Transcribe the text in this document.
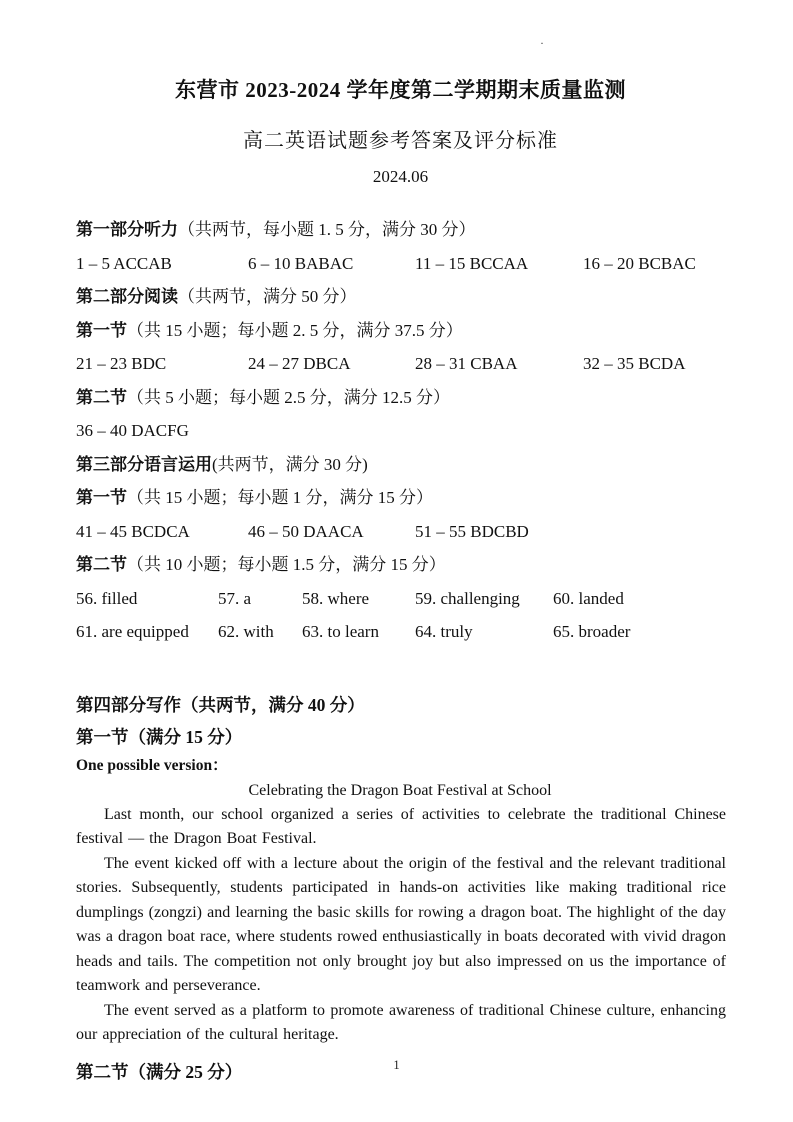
·
东营市 2023-2024 学年度第二学期期末质量监测
高二英语试题参考答案及评分标准
2024.06
第一部分听力（共两节，每小题 1. 5 分，满分 30 分）
1 – 5 ACCAB	6 – 10 BABAC	11 – 15 BCCAA	16 – 20 BCBAC
第二部分阅读（共两节，满分 50 分）
第一节（共 15 小题；每小题 2. 5 分，满分 37.5 分）
21 – 23 BDC	24 – 27 DBCA	28 – 31 CBAA	32 – 35 BCDA
第二节（共 5 小题；每小题 2.5 分，满分 12.5 分）
36 – 40 DACFG
第三部分语言运用(共两节，满分 30 分)
第一节（共 15 小题；每小题 1 分，满分 15 分）
41 – 45 BCDCA	46 – 50 DAACA	51 – 55 BDCBD
第二节（共 10 小题；每小题 1.5 分，满分 15 分）
56. filled	57. a	58. where	59. challenging	60. landed
61. are equipped	62. with	63. to learn	64. truly	65. broader
第四部分写作（共两节，满分 40 分）
第一节（满分 15 分）
One possible version：
Celebrating the Dragon Boat Festival at School

Last month, our school organized a series of activities to celebrate the traditional Chinese festival — the Dragon Boat Festival.

The event kicked off with a lecture about the origin of the festival and the relevant traditional stories. Subsequently, students participated in hands-on activities like making traditional rice dumplings (zongzi) and learning the basic skills for rowing a dragon boat. The highlight of the day was a dragon boat race, where students rowed enthusiastically in boats decorated with vivid dragon heads and tails. The competition not only brought joy but also impressed on us the importance of teamwork and perseverance.

The event served as a platform to promote awareness of traditional Chinese culture, enhancing our appreciation of the cultural heritage.

第二节（满分 25 分）	1
